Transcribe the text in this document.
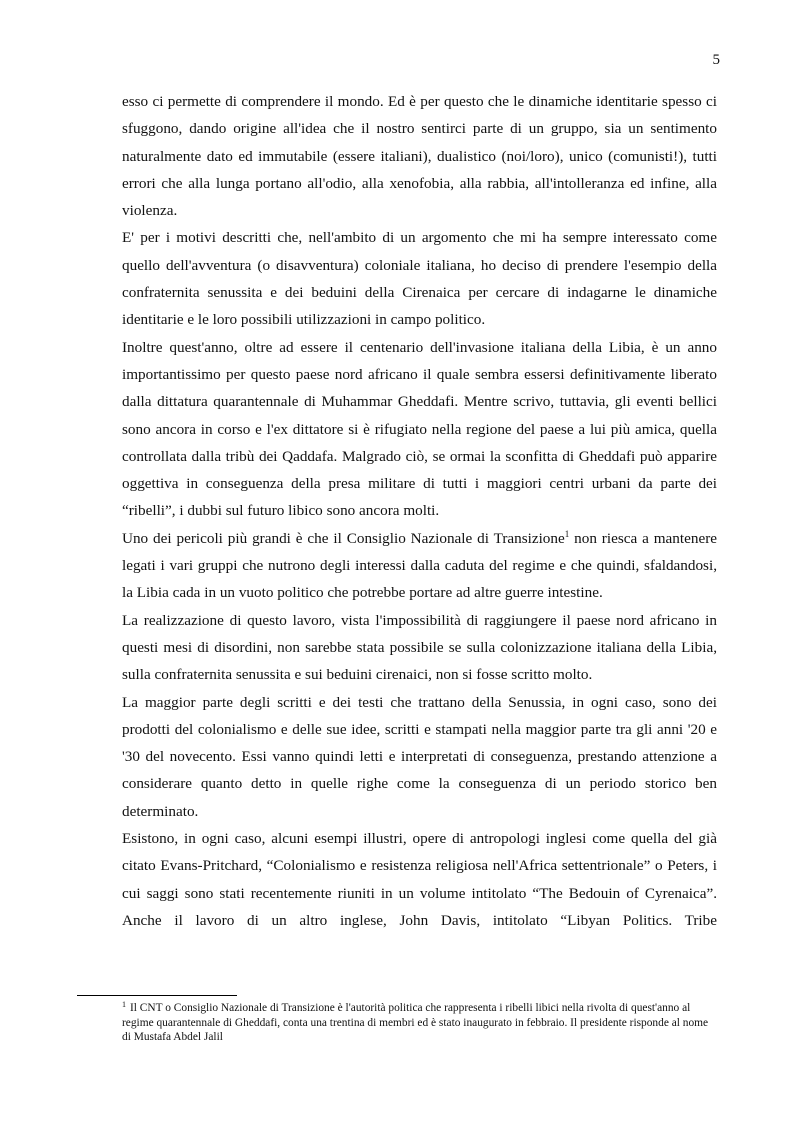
5

esso ci permette di comprendere il mondo. Ed è per questo che le dinamiche identitarie spesso ci sfuggono, dando origine all'idea che il nostro sentirci parte di un gruppo, sia un sentimento naturalmente dato ed immutabile (essere italiani), dualistico (noi/loro), unico (comunisti!), tutti errori che alla lunga portano all'odio, alla xenofobia, alla rabbia, all'intolleranza ed infine, alla violenza.

E' per i motivi descritti che, nell'ambito di un argomento che mi ha sempre interessato come quello dell'avventura (o disavventura) coloniale italiana, ho deciso di prendere l'esempio della confraternita senussita e dei beduini della Cirenaica per cercare di indagarne le dinamiche identitarie e le loro possibili utilizzazioni in campo politico.

Inoltre quest'anno, oltre ad essere il centenario dell'invasione italiana della Libia, è un anno importantissimo per questo paese nord africano il quale sembra essersi definitivamente liberato dalla dittatura quarantennale di Muhammar Gheddafi. Mentre scrivo, tuttavia, gli eventi bellici sono ancora in corso e l'ex dittatore si è rifugiato nella regione del paese a lui più amica, quella controllata dalla tribù dei Qaddafa. Malgrado ciò, se ormai la sconfitta di Gheddafi può apparire oggettiva in conseguenza della presa militare di tutti i maggiori centri urbani da parte dei “ribelli”, i dubbi sul futuro libico sono ancora molti.

Uno dei pericoli più grandi è che il Consiglio Nazionale di Transizione$^1$ non riesca a mantenere legati i vari gruppi che nutrono degli interessi dalla caduta del regime e che quindi, sfaldandosi, la Libia cada in un vuoto politico che potrebbe portare ad altre guerre intestine.

La realizzazione di questo lavoro, vista l'impossibilità di raggiungere il paese nord africano in questi mesi di disordini, non sarebbe stata possibile se sulla colonizzazione italiana della Libia, sulla confraternita senussita e sui beduini cirenaici, non si fosse scritto molto.

La maggior parte degli scritti e dei testi che trattano della Senussia, in ogni caso, sono dei prodotti del colonialismo e delle sue idee, scritti e stampati nella maggior parte tra gli anni '20 e '30 del novecento. Essi vanno quindi letti e interpretati di conseguenza, prestando attenzione a considerare quanto detto in quelle righe come la conseguenza di un periodo storico ben determinato.

Esistono, in ogni caso, alcuni esempi illustri, opere di antropologi inglesi come quella del già citato Evans-Pritchard, “Colonialismo e resistenza religiosa nell'Africa settentrionale” o Peters, i cui saggi sono stati recentemente riuniti in un volume intitolato “The Bedouin of Cyrenaica”. Anche il lavoro di un altro inglese, John Davis, intitolato “Libyan Politics. Tribe

$^1$ Il CNT o Consiglio Nazionale di Transizione è l'autorità politica che rappresenta i ribelli libici nella rivolta di quest'anno al regime quarantennale di Gheddafi, conta una trentina di membri ed è stato inaugurato in febbraio. Il presidente risponde al nome di Mustafa Abdel Jalil
